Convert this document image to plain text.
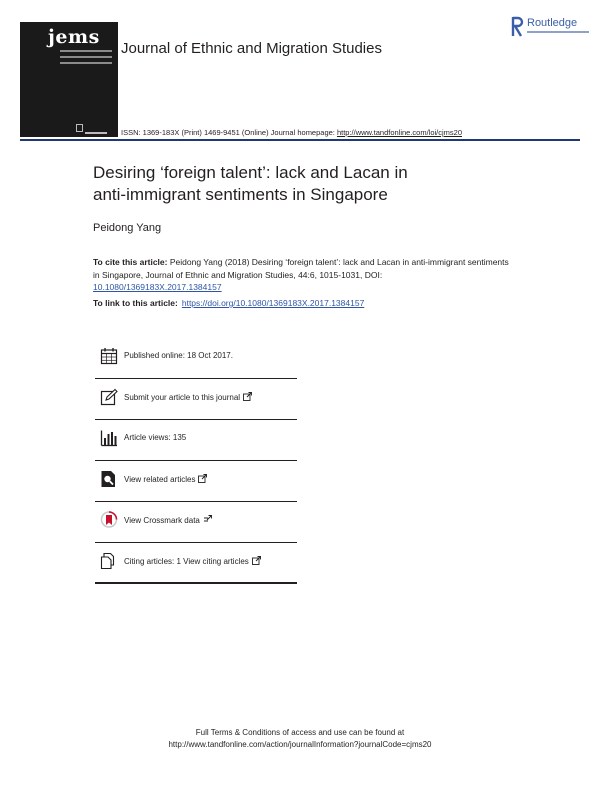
jems
Journal of Ethnic and Migration Studies
Routledge
ISSN: 1369-183X (Print) 1469-9451 (Online) Journal homepage: http://www.tandfonline.com/loi/cjms20
Desiring ‘foreign talent’: lack and Lacan in anti-immigrant sentiments in Singapore
Peidong Yang
To cite this article: Peidong Yang (2018) Desiring ‘foreign talent’: lack and Lacan in anti-immigrant sentiments in Singapore, Journal of Ethnic and Migration Studies, 44:6, 1015-1031, DOI: 10.1080/1369183X.2017.1384157
To link to this article: https://doi.org/10.1080/1369183X.2017.1384157
Published online: 18 Oct 2017.
Submit your article to this journal
Article views: 135
View related articles
View Crossmark data
Citing articles: 1 View citing articles
Full Terms & Conditions of access and use can be found at
http://www.tandfonline.com/action/journalInformation?journalCode=cjms20
